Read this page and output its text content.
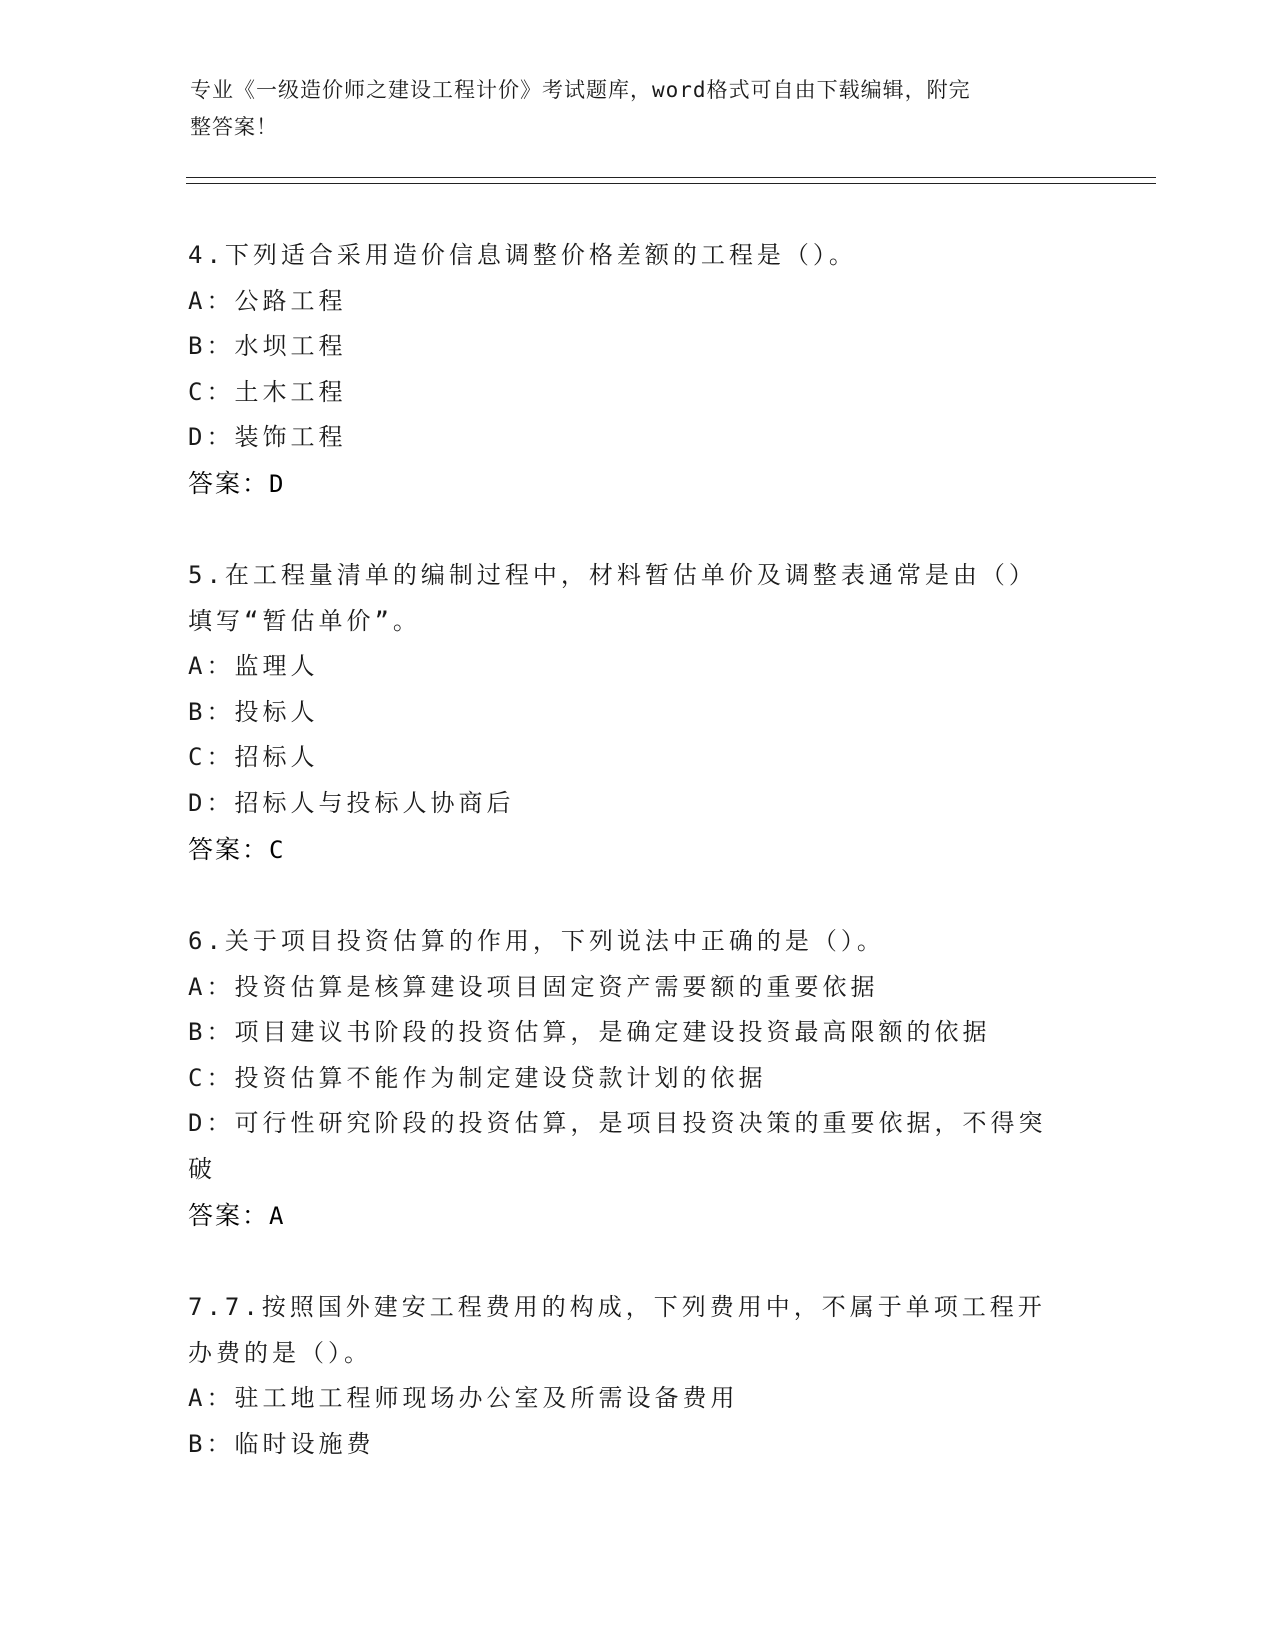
专业《一级造价师之建设工程计价》考试题库，word格式可自由下载编辑，附完
整答案！
4.下列适合采用造价信息调整价格差额的工程是（）。
A：公路工程
B：水坝工程
C：土木工程
D：装饰工程
答案：D
5.在工程量清单的编制过程中，材料暂估单价及调整表通常是由（）
填写“暂估单价”。
A：监理人
B：投标人
C：招标人
D：招标人与投标人协商后
答案：C
6.关于项目投资估算的作用，下列说法中正确的是（）。
A：投资估算是核算建设项目固定资产需要额的重要依据
B：项目建议书阶段的投资估算，是确定建设投资最高限额的依据
C：投资估算不能作为制定建设贷款计划的依据
D：可行性研究阶段的投资估算，是项目投资决策的重要依据，不得突
破
答案：A
7.7.按照国外建安工程费用的构成，下列费用中，不属于单项工程开
办费的是（）。
A：驻工地工程师现场办公室及所需设备费用
B：临时设施费
